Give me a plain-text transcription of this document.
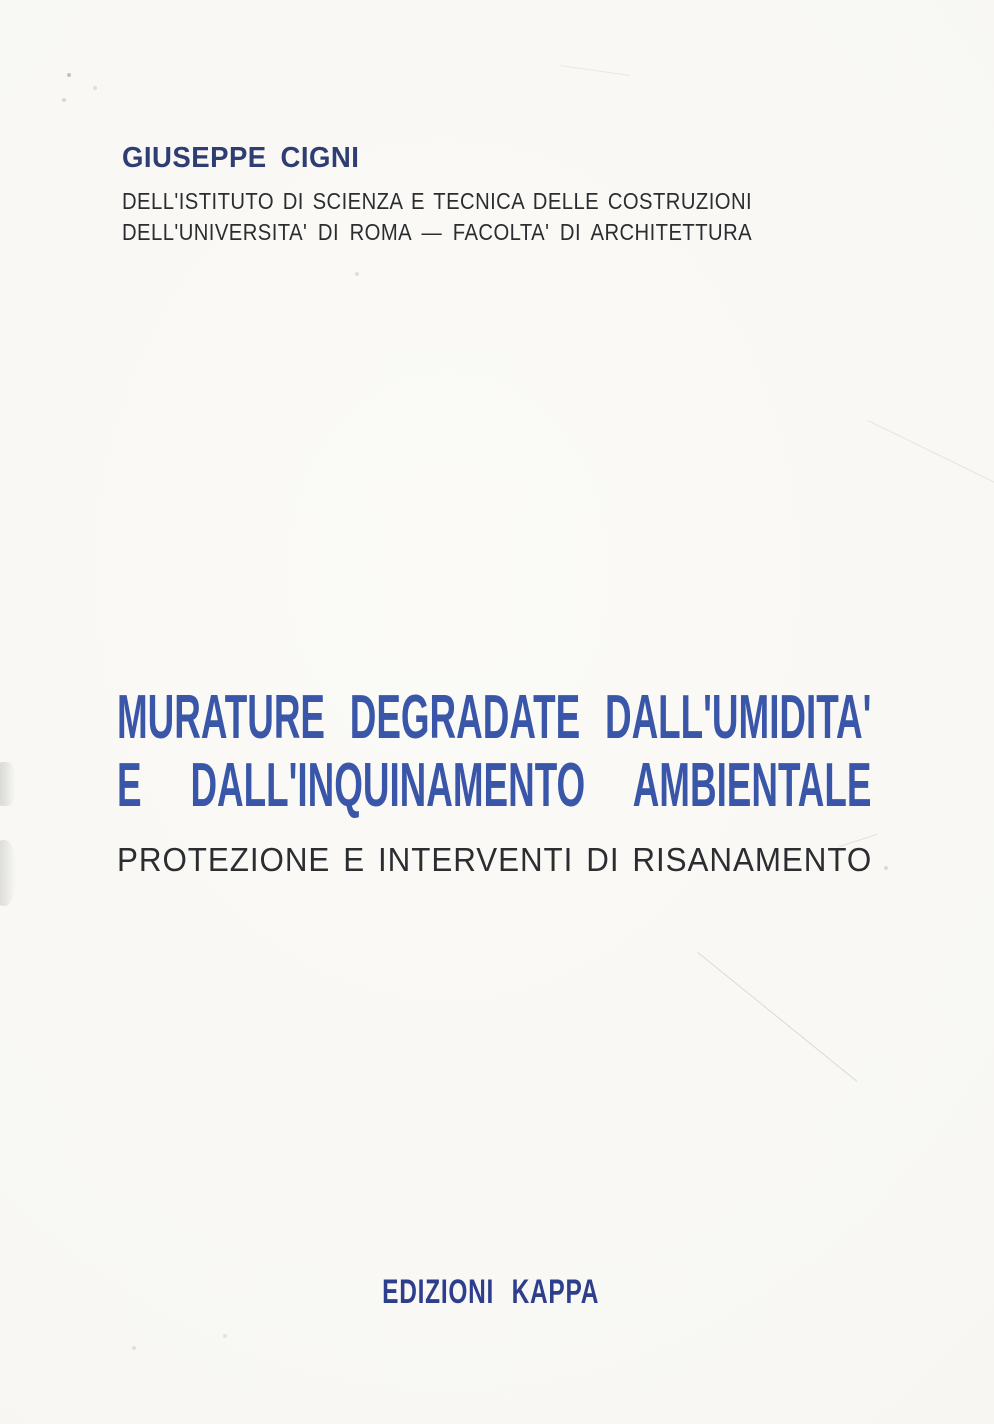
GIUSEPPE CIGNI
DELL'ISTITUTO DI SCIENZA E TECNICA DELLE COSTRUZIONI
DELL'UNIVERSITA' DI ROMA — FACOLTA' DI ARCHITETTURA
MURATURE DEGRADATE DALL'UMIDITA'
E DALL'INQUINAMENTO AMBIENTALE
PROTEZIONE E INTERVENTI DI RISANAMENTO
EDIZIONI KAPPA
